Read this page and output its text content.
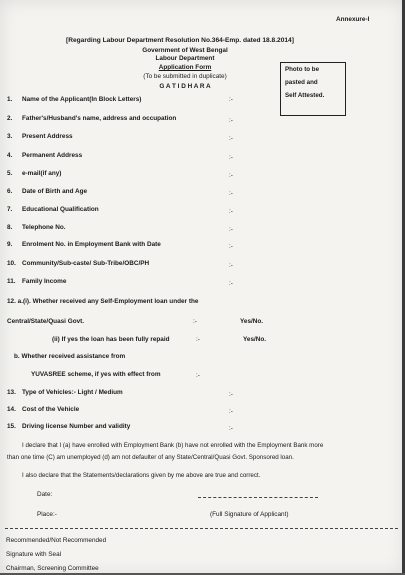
Annexure-I
[Regarding Labour Department Resolution No.364-Emp. dated 18.8.2014]
Government of West Bengal
Labour Department
Application Form
(To be submitted in duplicate)
G A T I D H A R A
Photo to be
pasted and
Self Attested.
1. Name of the Applicant(In Block Letters)	:-
2. Father's/Husband's name, address and occupation	:-
3. Present Address	:-
4. Permanent Address	:-
5. e-mail(if any)	:-
6. Date of Birth and Age	:-
7. Educational Qualification	:-
8. Telephone No.	:-
9. Enrolment No. in Employment Bank with Date	:-
10. Community/Sub-caste/ Sub-Tribe/OBC/PH	:-
11. Family Income	:-
12. a.(i). Whether received any Self-Employment loan under the
Central/State/Quasi Govt.	:-	Yes/No.
(ii) If yes the loan has been fully repaid	:-	Yes/No.
b. Whether received assistance from
YUVASREE scheme, if yes with effect from	:-
13. Type of Vehicles:- Light / Medium	:-
14. Cost of the Vehicle	:-
15. Driving license Number and validity	:-
I declare that I (a) have enrolled with Employment Bank (b) have not enrolled with the Employment Bank more
than one time (C) am unemployed (d) am not defaulter of any State/Central/Quasi Govt. Sponsored loan.
I also declare that the Statements/declarations given by me above are true and correct.
Date:
Place:-	(Full Signature of Applicant)
Recommended/Not Recommended
Signature with Seal
Chairman, Screening Committee
